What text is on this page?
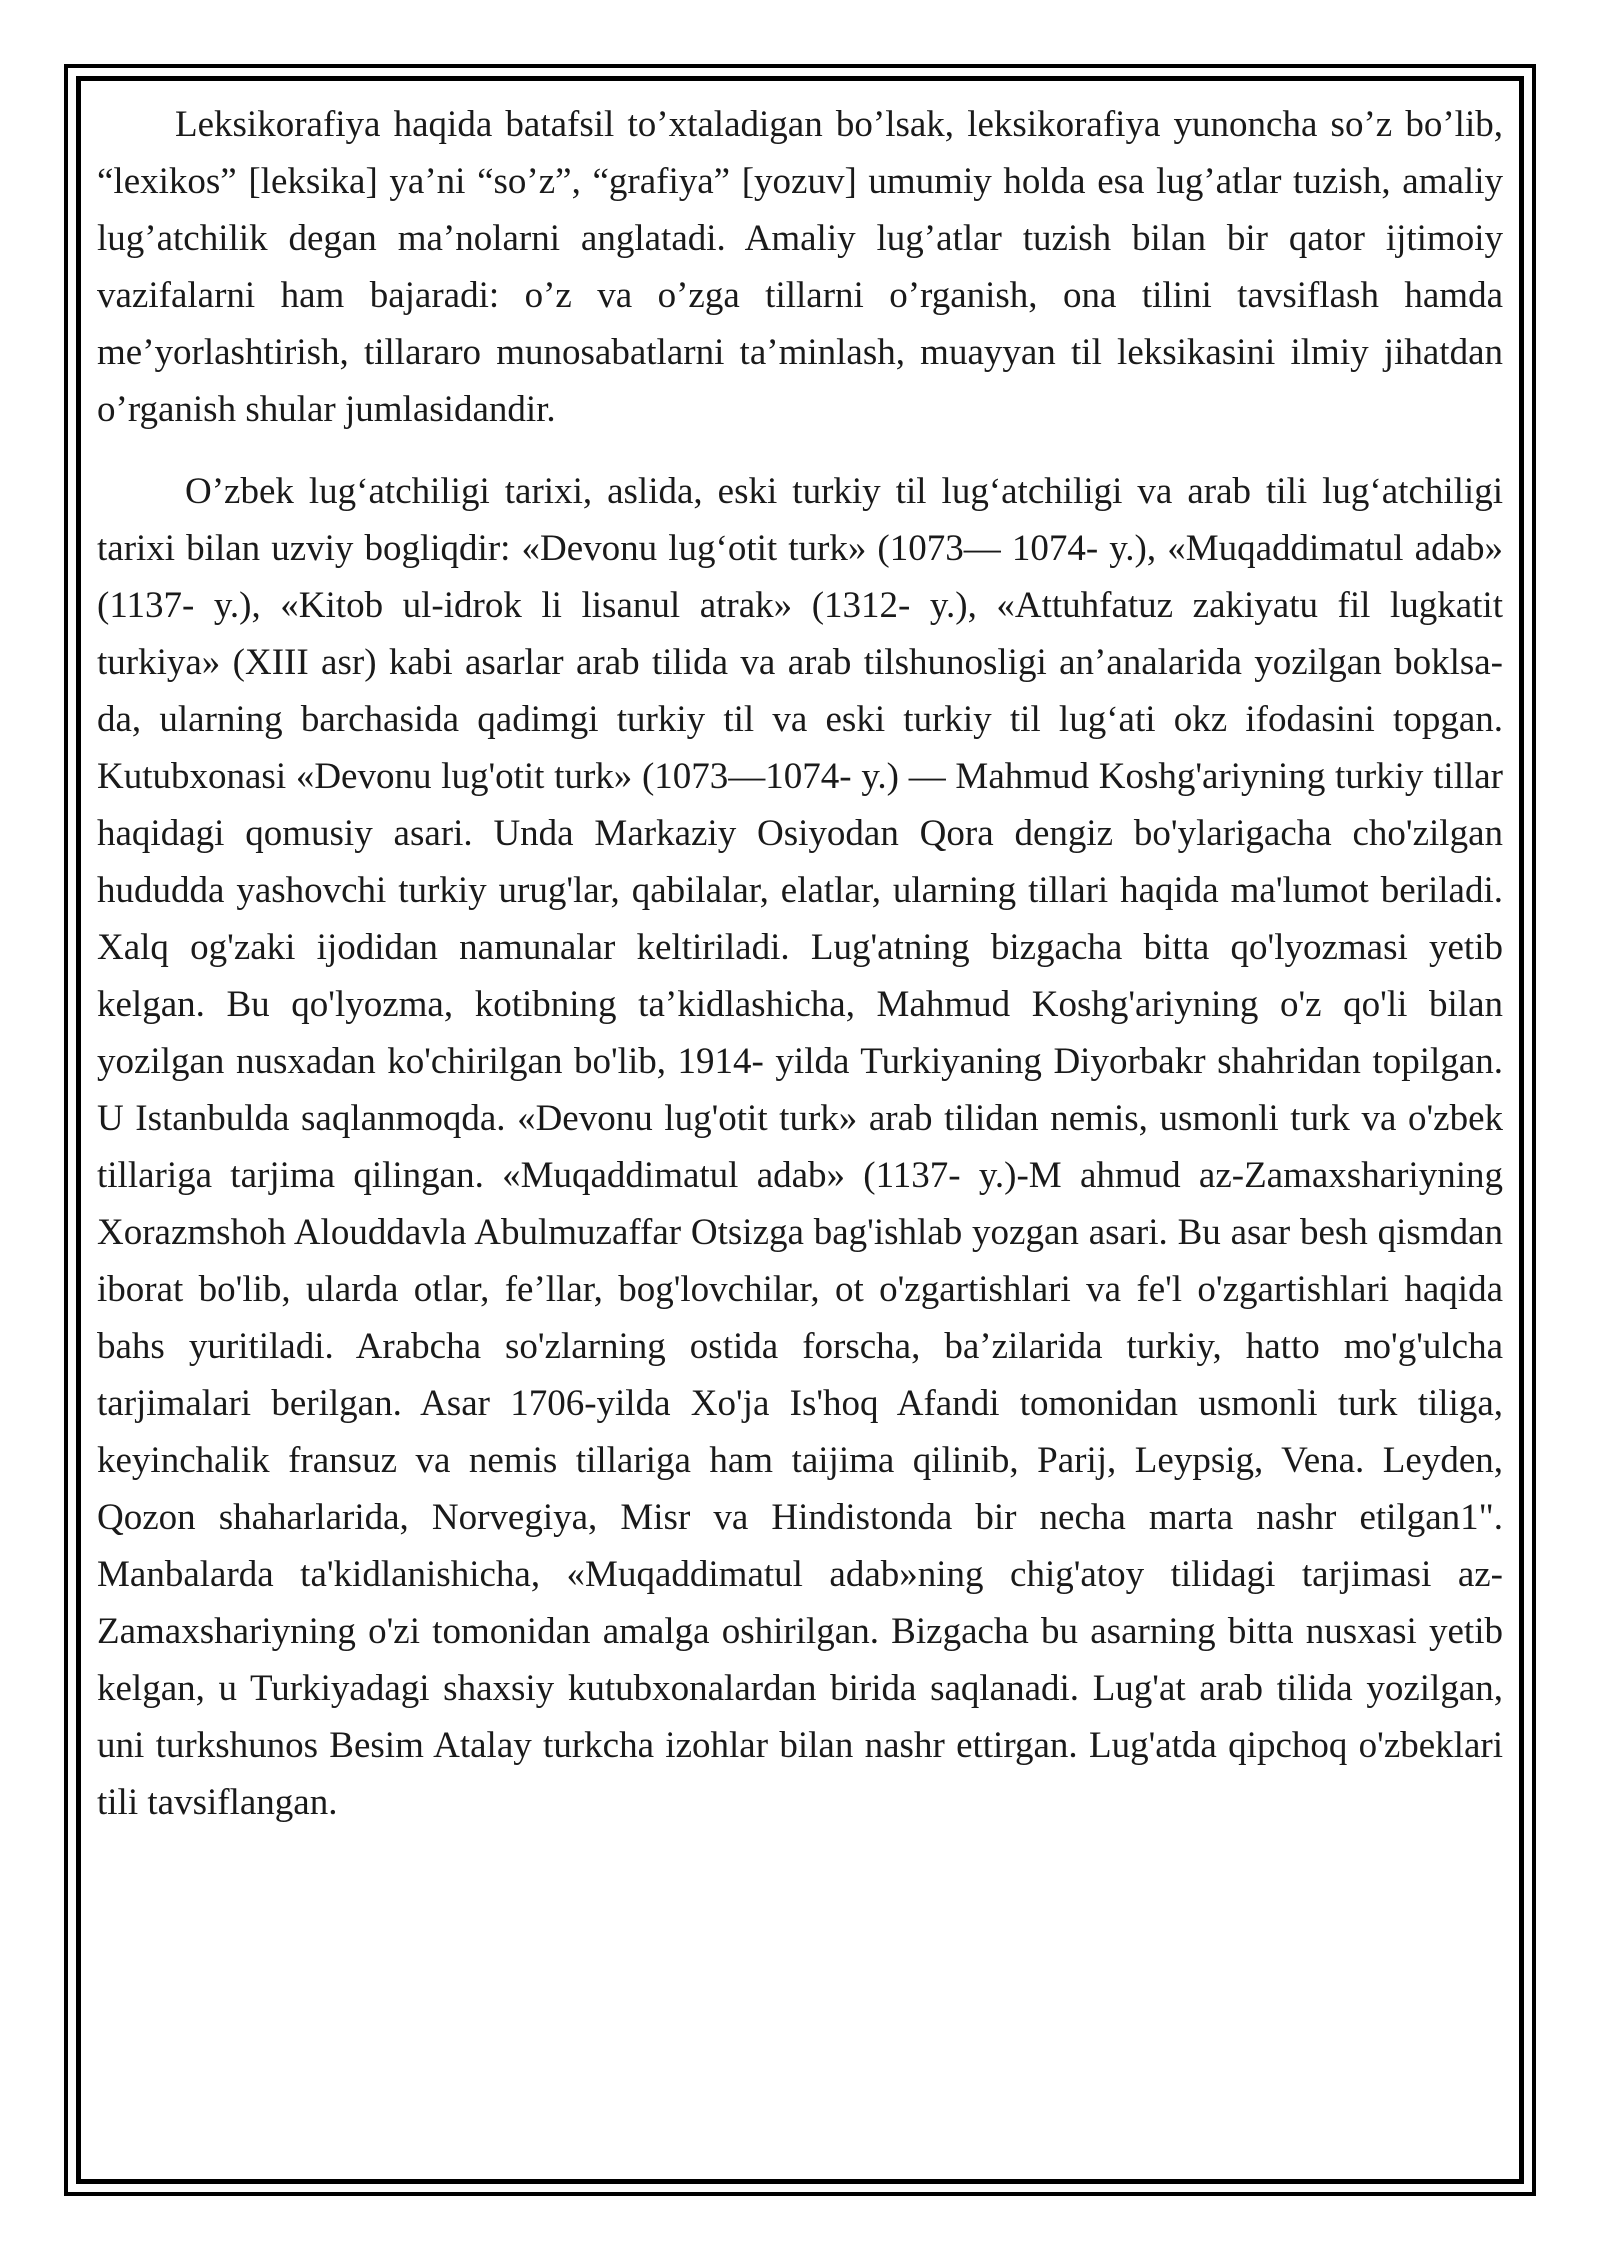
Leksikorafiya haqida batafsil to’xtaladigan bo’lsak, leksikorafiya yunoncha so’z bo’lib, “lexikos” [leksika] ya’ni “so’z”, “grafiya” [yozuv] umumiy holda esa lug’atlar tuzish, amaliy lug’atchilik degan ma’nolarni anglatadi. Amaliy lug’atlar tuzish bilan bir qator ijtimoiy vazifalarni ham bajaradi: o’z va o’zga tillarni o’rganish, ona tilini tavsiflash hamda me’yorlashtirish, tillararo munosabatlarni ta’minlash, muayyan til leksikasini ilmiy jihatdan o’rganish shular jumlasidandir.

O’zbek lug‘atchiligi tarixi, aslida, eski turkiy til lug‘atchiligi va arab tili lug‘atchiligi tarixi bilan uzviy bogliqdir: «Devonu lug‘otit turk» (1073— 1074- y.), «Muqaddimatul adab» (1137- y.), «Kitob ul-idrok li lisanul atrak» (1312- y.), «Attuhfatuz zakiyatu fil lugkatit turkiya» (XIII asr) kabi asarlar arab tilida va arab tilshunosligi an’analarida yozilgan boklsa-da, ularning barchasida qadimgi turkiy til va eski turkiy til lug‘ati okz ifodasini topgan. Kutubxonasi «Devonu lug'otit turk» (1073—1074- y.) — Mahmud Koshg'ariyning turkiy tillar haqidagi qomusiy asari. Unda Markaziy Osiyodan Qora dengiz bo'ylarigacha cho'zilgan hududda yashovchi turkiy urug'lar, qabilalar, elatlar, ularning tillari haqida ma'lumot beriladi. Xalq og'zaki ijodidan namunalar keltiriladi. Lug'atning bizgacha bitta qo'lyozmasi yetib kelgan. Bu qo'lyozma, kotibning ta’kidlashicha, Mahmud Koshg'ariyning o'z qo'li bilan yozilgan nusxadan ko'chirilgan bo'lib, 1914- yilda Turkiyaning Diyorbakr shahridan topilgan. U Istanbulda saqlanmoqda. «Devonu lug'otit turk» arab tilidan nemis, usmonli turk va o'zbek tillariga tarjima qilingan. «Muqaddimatul adab» (1137- y.)-M ahmud az-Zamaxshariyning Xorazmshoh Alouddavla Abulmuzaffar Otsizga bag'ishlab yozgan asari. Bu asar besh qismdan iborat bo'lib, ularda otlar, fe’llar, bog'lovchilar, ot o'zgartishlari va fe'l o'zgartishlari haqida bahs yuritiladi. Arabcha so'zlarning ostida forscha, ba’zilarida turkiy, hatto mo'g'ulcha tarjimalari berilgan. Asar 1706-yilda Xo'ja Is'hoq Afandi tomonidan usmonli turk tiliga, keyinchalik fransuz va nemis tillariga ham taijima qilinib, Parij, Leypsig, Vena. Leyden, Qozon shaharlarida, Norvegiya, Misr va Hindistonda bir necha marta nashr etilgan1". Manbalarda ta'kidlanishicha, «Muqaddimatul adab»ning chig'atoy tilidagi tarjimasi az-Zamaxshariyning o'zi tomonidan amalga oshirilgan. Bizgacha bu asarning bitta nusxasi yetib kelgan, u Turkiyadagi shaxsiy kutubxonalardan birida saqlanadi. Lug'at arab tilida yozilgan, uni turkshunos Besim Atalay turkcha izohlar bilan nashr ettirgan. Lug'atda qipchoq o'zbeklari tili tavsiflangan.
